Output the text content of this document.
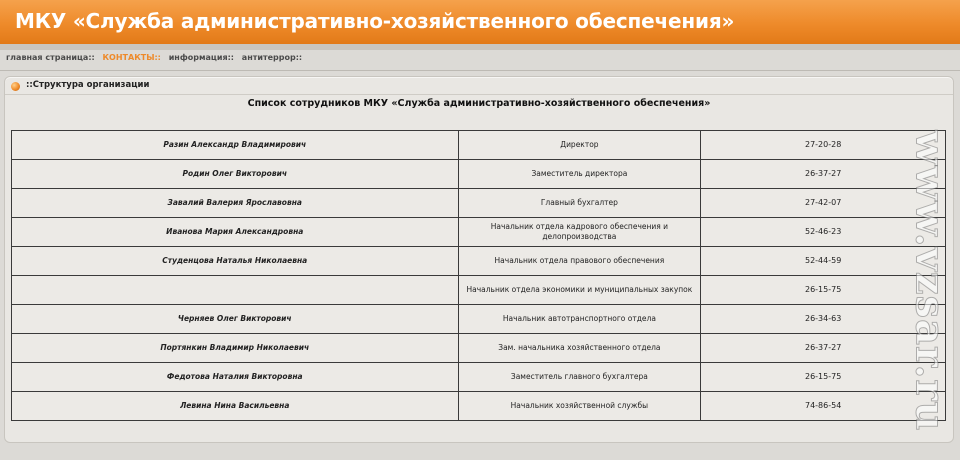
МКУ «Служба административно-хозяйственного обеспечения»
главная страница:: КОНТАКТЫ:: информация:: антитеррор::
::Структура организации
Список сотрудников МКУ «Служба административно-хозяйственного обеспечения»
Разин Александр Владимирович	Директор	27-20-28
Родин Олег Викторович	Заместитель директора	26-37-27
Завалий Валерия Ярославовна	Главный бухгалтер	27-42-07
Иванова Мария Александровна	Начальник отдела кадрового обеспечения и делопроизводства	52-46-23
Студенцова Наталья Николаевна	Начальник отдела правового обеспечения	52-44-59
	Начальник отдела экономики и муниципальных закупок	26-15-75
Черняев Олег Викторович	Начальник автотранспортного отдела	26-34-63
Портянкин Владимир Николаевич	Зам. начальника хозяйственного отдела	26-37-27
Федотова Наталия Викторовна	Заместитель главного бухгалтера	26-15-75
Левина Нина Васильевна	Начальник хозяйственной службы	74-86-54 www.vzsar.ru
